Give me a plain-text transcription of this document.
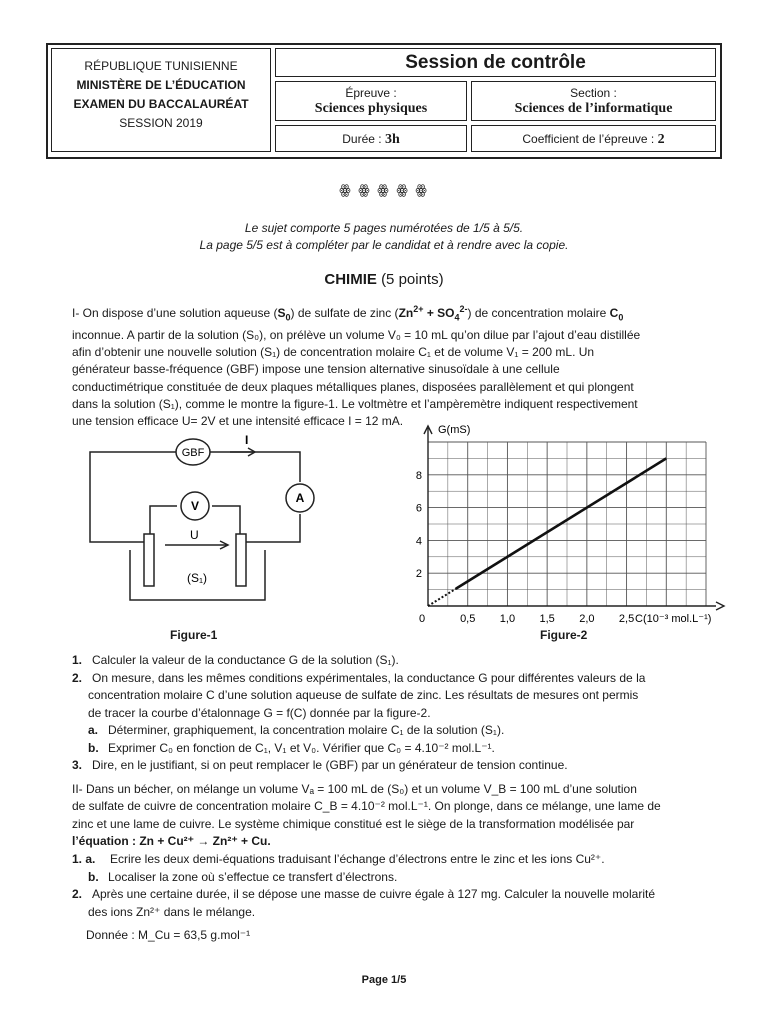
RÉPUBLIQUE TUNISIENNE
MINISTÈRE DE L’ÉDUCATION
EXAMEN DU BACCALAURÉAT
SESSION 2019
Session de contrôle
Épreuve :
Sciences physiques
Section :
Sciences de l’informatique
Durée : 3h	Coefficient de l’épreuve : 2
ꙮ ꙮ ꙮ ꙮ ꙮ
Le sujet comporte 5 pages numérotées de 1/5 à 5/5.
La page 5/5 est à compléter par le candidat et à rendre avec la copie.
CHIMIE (5 points)
I- On dispose d’une solution aqueuse $(S_0)$ de sulfate de zinc $(Zn^{2+} + SO_4^{2-})$ de concentration molaire $C_0$
inconnue. A partir de la solution (S₀), on prélève un volume V₀ = 10 mL qu’on dilue par l’ajout d’eau distillée
afin d’obtenir une nouvelle solution (S₁) de concentration molaire C₁ et de volume V₁ = 200 mL. Un
générateur basse-fréquence (GBF) impose une tension alternative sinusoïdale à une cellule
conductimétrique constituée de deux plaques métalliques planes, disposées parallèlement et qui plongent
dans la solution (S₁), comme le montre la figure-1. Le voltmètre et l’ampèremètre indiquent respectivement
une tension efficace U= 2V et une intensité efficace I = 12 mA.
GBF
V
A
I
U
(S₁)
Figure-1
0	0,5 1,0 1,5 2,0 2,5
2
4
6
8
G(mS)
C(10⁻³ mol.L⁻¹)
Figure-2
1. Calculer la valeur de la conductance G de la solution (S₁).
2. On mesure, dans les mêmes conditions expérimentales, la conductance G pour différentes valeurs de la
concentration molaire C d’une solution aqueuse de sulfate de zinc. Les résultats de mesures ont permis
de tracer la courbe d’étalonnage G = f(C) donnée par la figure-2.
a. Déterminer, graphiquement, la concentration molaire C₁ de la solution (S₁).
b. Exprimer C₀ en fonction de C₁, V₁ et V₀. Vérifier que C₀ = 4.10⁻² mol.L⁻¹.
3. Dire, en le justifiant, si on peut remplacer le (GBF) par un générateur de tension continue.
II- Dans un bécher, on mélange un volume Vₐ = 100 mL de (S₀) et un volume V_B = 100 mL d’une solution
de sulfate de cuivre de concentration molaire C_B = 4.10⁻² mol.L⁻¹. On plonge, dans ce mélange, une lame de
zinc et une lame de cuivre. Le système chimique constitué est le siège de la transformation modélisée par
l’équation : Zn + Cu²⁺ → Zn²⁺ + Cu.
1. a.	Ecrire les deux demi-équations traduisant l’échange d’électrons entre le zinc et les ions Cu²⁺.
b. Localiser la zone où s’effectue ce transfert d’électrons.
2. Après une certaine durée, il se dépose une masse de cuivre égale à 127 mg. Calculer la nouvelle molarité
des ions Zn²⁺ dans le mélange.
Donnée : M_Cu = 63,5 g.mol⁻¹
Page 1/5
